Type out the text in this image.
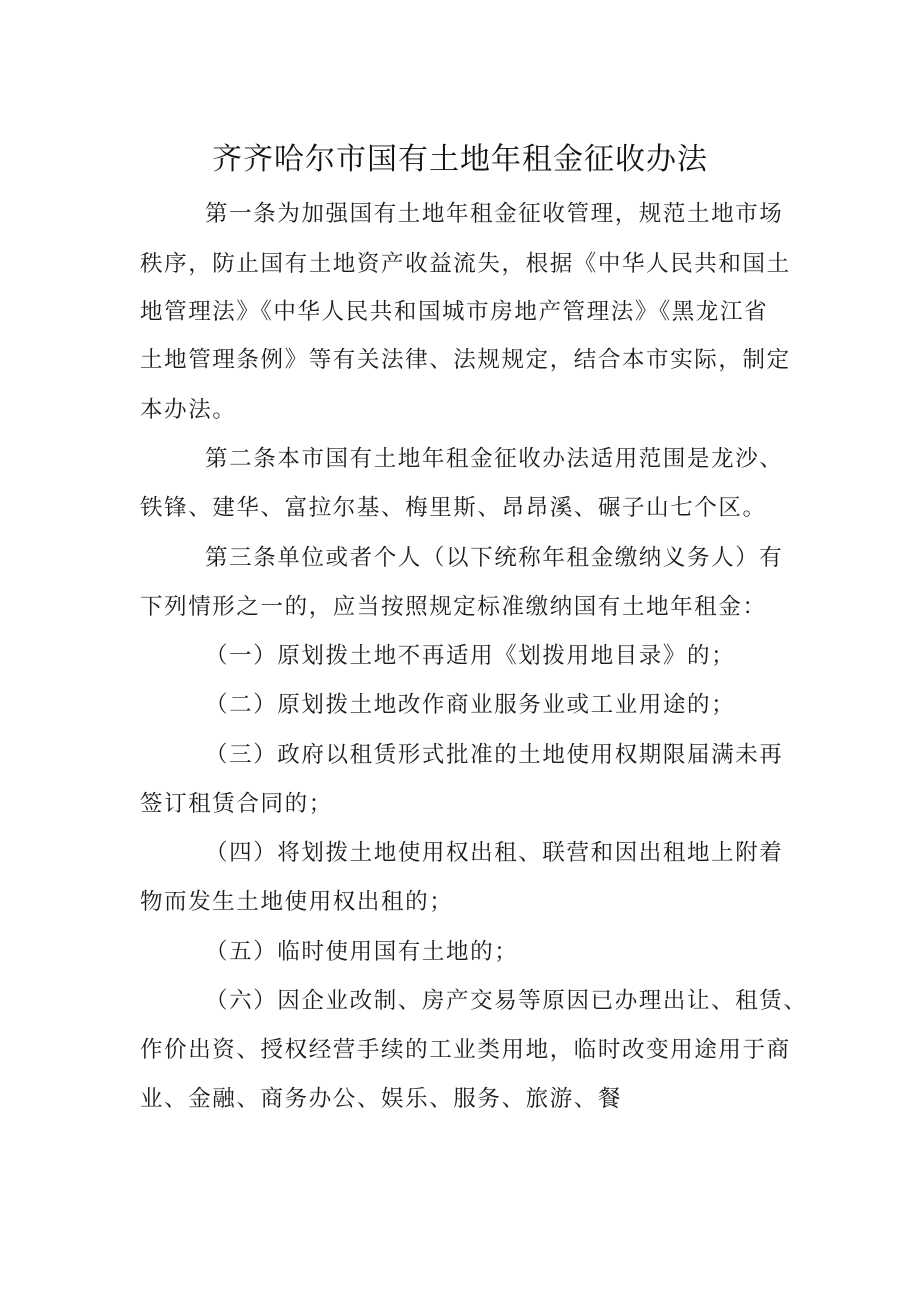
齐齐哈尔市国有土地年租金征收办法
第一条为加强国有土地年租金征收管理，规范土地市场
秩序，防止国有土地资产收益流失，根据《中华人民共和国土
地管理法》《中华人民共和国城市房地产管理法》《黑龙江省
土地管理条例》等有关法律、法规规定，结合本市实际，制定
本办法。
第二条本市国有土地年租金征收办法适用范围是龙沙、
铁锋、建华、富拉尔基、梅里斯、昂昂溪、碾子山七个区。
第三条单位或者个人（以下统称年租金缴纳义务人）有
下列情形之一的，应当按照规定标准缴纳国有土地年租金：
（一）原划拨土地不再适用《划拨用地目录》的；
（二）原划拨土地改作商业服务业或工业用途的；
（三）政府以租赁形式批准的土地使用权期限届满未再
签订租赁合同的；
（四）将划拨土地使用权出租、联营和因出租地上附着
物而发生土地使用权出租的；
（五）临时使用国有土地的；
（六）因企业改制、房产交易等原因已办理出让、租赁、
作价出资、授权经营手续的工业类用地，临时改变用途用于商
业、金融、商务办公、娱乐、服务、旅游、餐
